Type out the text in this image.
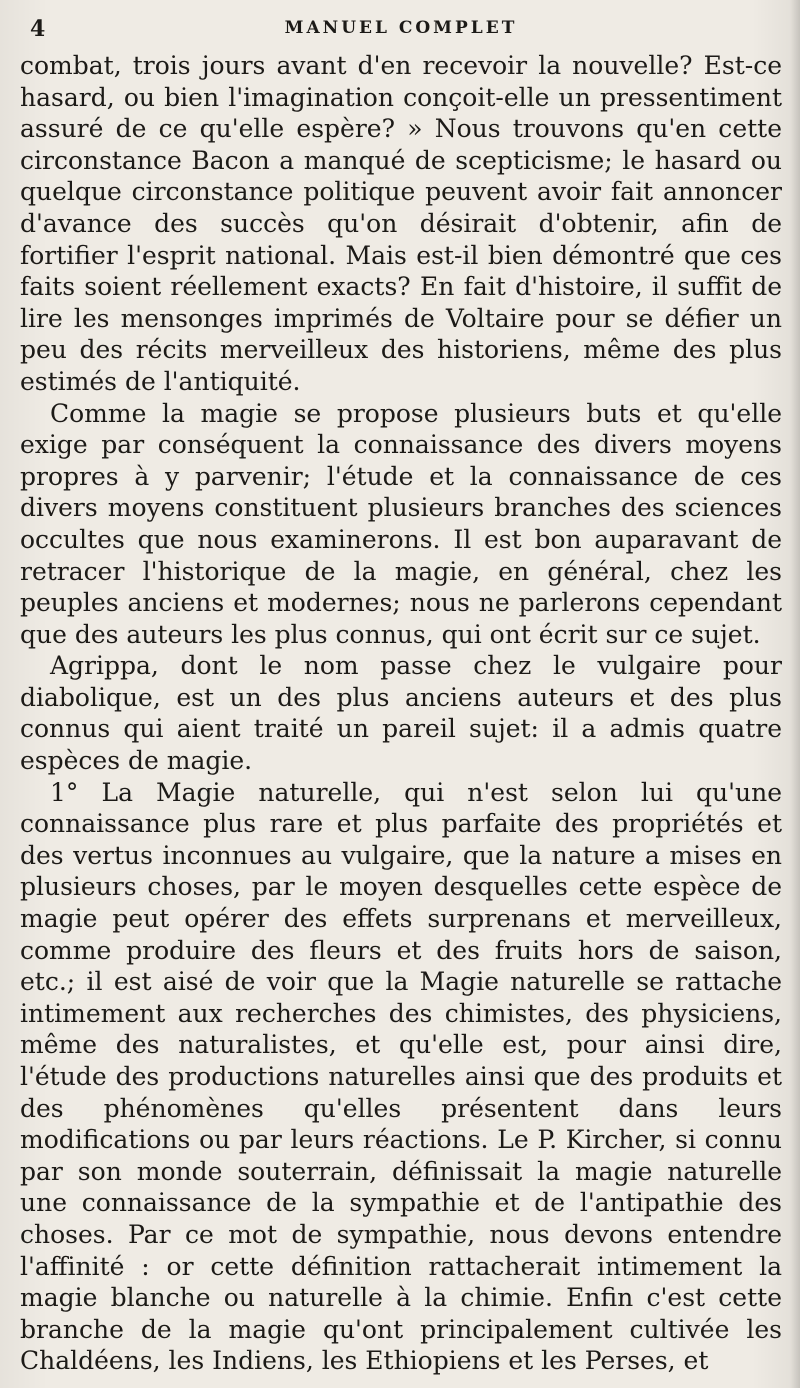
4	MANUEL COMPLET

combat, trois jours avant d'en recevoir la nouvelle? Est-ce hasard, ou bien l'imagination conçoit-elle un pressentiment assuré de ce qu'elle espère? » Nous trouvons qu'en cette circonstance Bacon a manqué de scepticisme; le hasard ou quelque circonstance politique peuvent avoir fait annoncer d'avance des succès qu'on désirait d'obtenir, afin de fortifier l'esprit national. Mais est-il bien démontré que ces faits soient réellement exacts? En fait d'histoire, il suffit de lire les mensonges imprimés de Voltaire pour se défier un peu des récits merveilleux des historiens, même des plus estimés de l'antiquité.

Comme la magie se propose plusieurs buts et qu'elle exige par conséquent la connaissance des divers moyens propres à y parvenir; l'étude et la connaissance de ces divers moyens constituent plusieurs branches des sciences occultes que nous examinerons. Il est bon auparavant de retracer l'historique de la magie, en général, chez les peuples anciens et modernes; nous ne parlerons cependant que des auteurs les plus connus, qui ont écrit sur ce sujet.

Agrippa, dont le nom passe chez le vulgaire pour diabolique, est un des plus anciens auteurs et des plus connus qui aient traité un pareil sujet: il a admis quatre espèces de magie.

1° La Magie naturelle, qui n'est selon lui qu'une connaissance plus rare et plus parfaite des propriétés et des vertus inconnues au vulgaire, que la nature a mises en plusieurs choses, par le moyen desquelles cette espèce de magie peut opérer des effets surprenans et merveilleux, comme produire des fleurs et des fruits hors de saison, etc.; il est aisé de voir que la Magie naturelle se rattache intimement aux recherches des chimistes, des physiciens, même des naturalistes, et qu'elle est, pour ainsi dire, l'étude des productions naturelles ainsi que des produits et des phénomènes qu'elles présentent dans leurs modifications ou par leurs réactions. Le P. Kircher, si connu par son monde souterrain, définissait la magie naturelle une connaissance de la sympathie et de l'antipathie des choses. Par ce mot de sympathie, nous devons entendre l'affinité : or cette définition rattacherait intimement la magie blanche ou naturelle à la chimie. Enfin c'est cette branche de la magie qu'ont principalement cultivée les Chaldéens, les Indiens, les Ethiopiens et les Perses, et
